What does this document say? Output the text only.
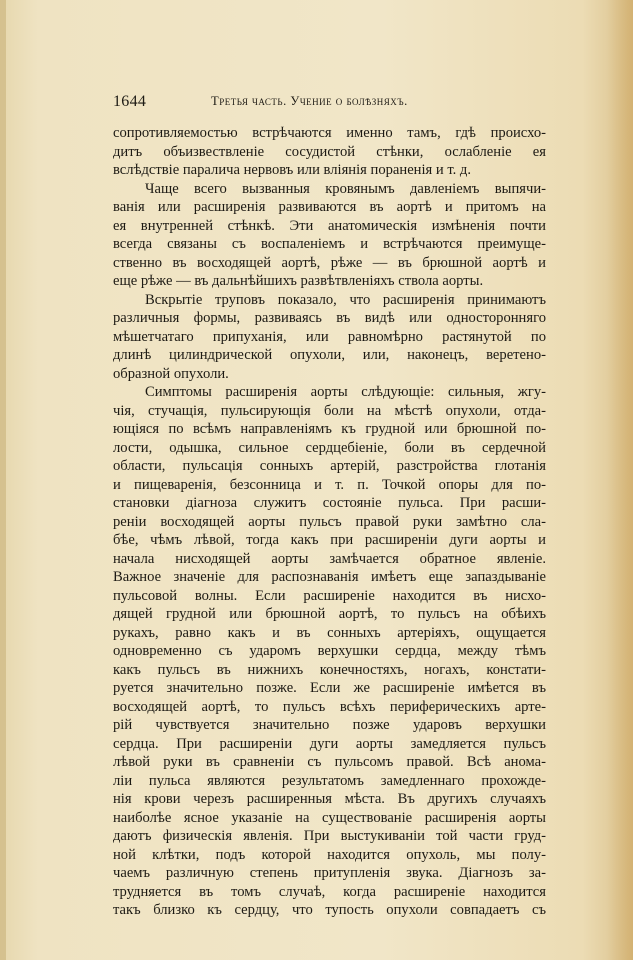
1644	Третья часть. Учение о болѣзняхъ.
сопротивляемостью встрѣчаются именно тамъ, гдѣ происхо-
дитъ объизвествленіе сосудистой стѣнки, ослабленіе ея
вслѣдствіе паралича нервовъ или вліянія пораненія и т. д.
Чаще всего вызванныя кровянымъ давленіемъ выпячи-
ванія или расширенія развиваются въ аортѣ и притомъ на
ея внутренней стѣнкѣ. Эти анатомическія измѣненія почти
всегда связаны съ воспаленіемъ и встрѣчаются преимуще-
ственно въ восходящей аортѣ, рѣже — въ брюшной аортѣ и
еще рѣже — въ дальнѣйшихъ развѣтвленіяхъ ствола аорты.
Вскрытіе труповъ показало, что расширенія принимаютъ
различныя формы, развиваясь въ видѣ или односторонняго
мѣшетчатаго припуханія, или равномѣрно растянутой по
длинѣ цилиндрической опухоли, или, наконецъ, веретено-
образной опухоли.
Симптомы расширенія аорты слѣдующіе: сильныя, жгу-
чія, стучащія, пульсирующія боли на мѣстѣ опухоли, отда-
ющіяся по всѣмъ направленіямъ къ грудной или брюшной по-
лости, одышка, сильное сердцебіеніе, боли въ сердечной
области, пульсація сонныхъ артерій, разстройства глотанія
и пищеваренія, безсонница и т. п. Точкой опоры для по-
становки діагноза служитъ состояніе пульса. При расши-
реніи восходящей аорты пульсъ правой руки замѣтно сла-
бѣе, чѣмъ лѣвой, тогда какъ при расширеніи дуги аорты и
начала нисходящей аорты замѣчается обратное явленіе.
Важное значеніе для распознаванія имѣетъ еще запаздываніе
пульсовой волны. Если расширеніе находится въ нисхо-
дящей грудной или брюшной аортѣ, то пульсъ на обѣихъ
рукахъ, равно какъ и въ сонныхъ артеріяхъ, ощущается
одновременно съ ударомъ верхушки сердца, между тѣмъ
какъ пульсъ въ нижнихъ конечностяхъ, ногахъ, констати-
руется значительно позже. Если же расширеніе имѣется въ
восходящей аортѣ, то пульсъ всѣхъ периферическихъ арте-
рій чувствуется значительно позже ударовъ верхушки
сердца. При расширеніи дуги аорты замедляется пульсъ
лѣвой руки въ сравненіи съ пульсомъ правой. Всѣ анома-
ліи пульса являются результатомъ замедленнаго прохожде-
нія крови черезъ расширенныя мѣста. Въ другихъ случаяхъ
наиболѣе ясное указаніе на существованіе расширенія аорты
даютъ физическія явленія. При выстукиваніи той части груд-
ной клѣтки, подъ которой находится опухоль, мы полу-
чаемъ различную степень притупленія звука. Діагнозъ за-
трудняется въ томъ случаѣ, когда расширеніе находится
такъ близко къ сердцу, что тупость опухоли совпадаетъ съ
